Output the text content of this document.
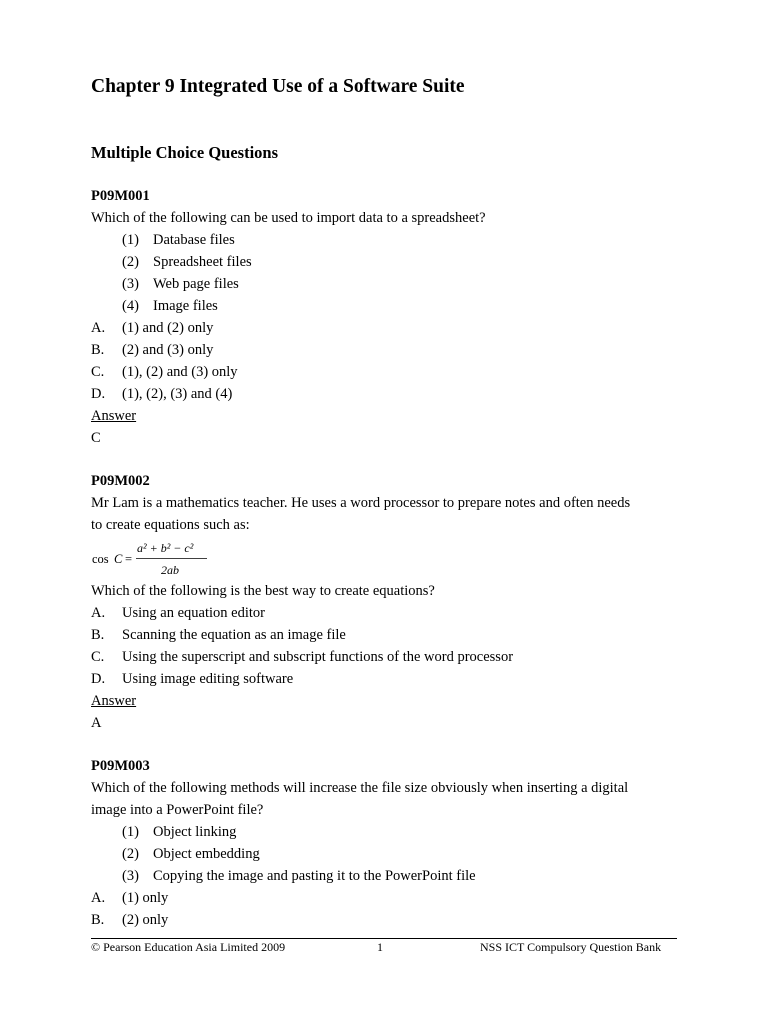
Chapter 9 Integrated Use of a Software Suite
Multiple Choice Questions
P09M001
Which of the following can be used to import data to a spreadsheet?
(1) Database files
(2) Spreadsheet files
(3) Web page files
(4) Image files
A. (1) and (2) only
B. (2) and (3) only
C. (1), (2) and (3) only
D. (1), (2), (3) and (4)
Answer
C
P09M002
Mr Lam is a mathematics teacher. He uses a word processor to prepare notes and often needs
to create equations such as:
cos C =
a² + b² − c²
2ab
Which of the following is the best way to create equations?
A. Using an equation editor
B. Scanning the equation as an image file
C. Using the superscript and subscript functions of the word processor
D. Using image editing software
Answer
A
P09M003
Which of the following methods will increase the file size obviously when inserting a digital
image into a PowerPoint file?
(1) Object linking
(2) Object embedding
(3) Copying the image and pasting it to the PowerPoint file
A. (1) only
B. (2) only
© Pearson Education Asia Limited 2009	1	NSS ICT Compulsory Question Bank
